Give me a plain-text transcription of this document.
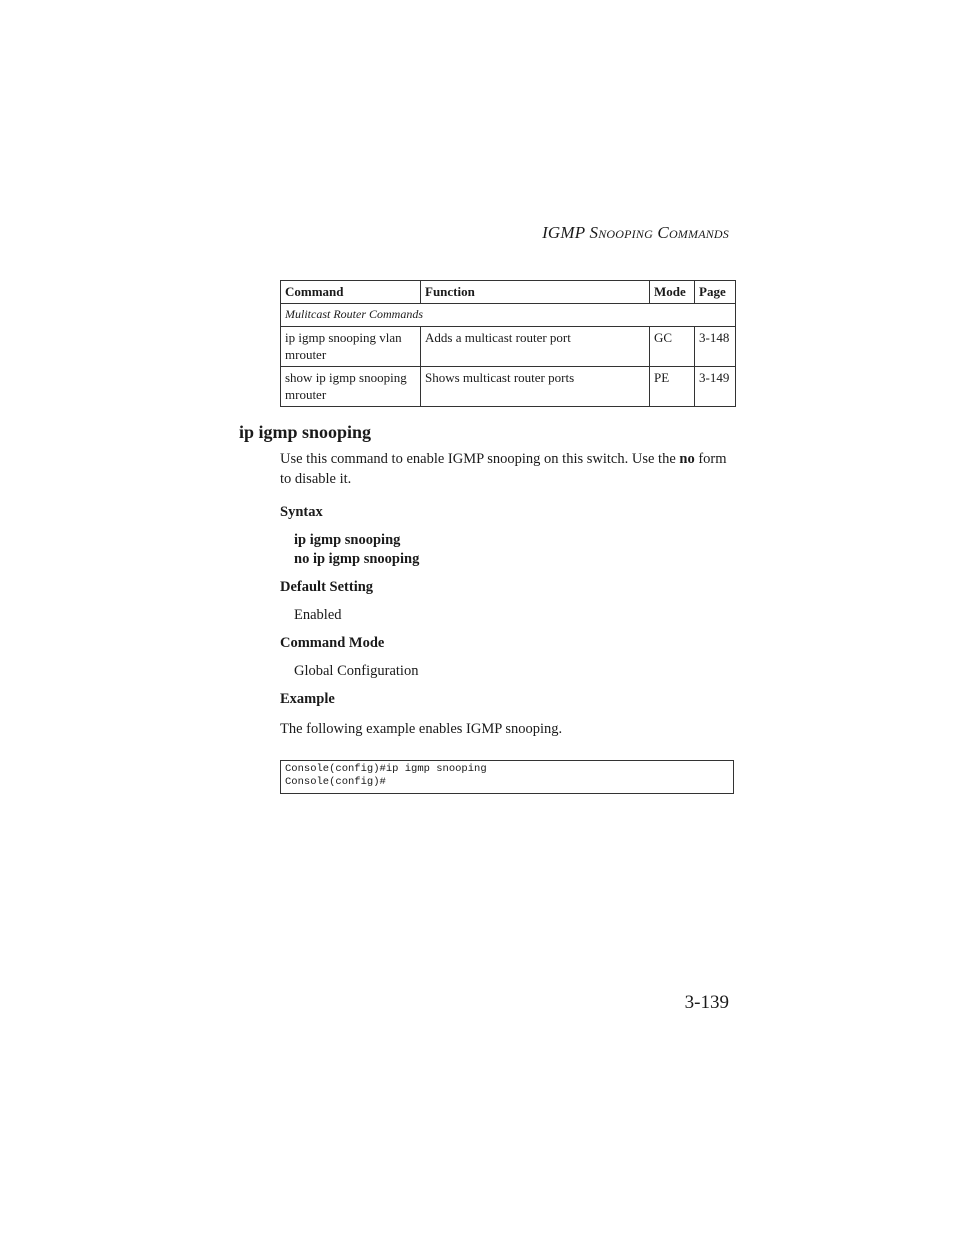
IGMP SNOOPING COMMANDS
Command	Function	Mode	Page
Mulitcast Router Commands			
ip igmp snooping vlan mrouter	Adds a multicast router port	GC	3-148
show ip igmp snooping mrouter	Shows multicast router ports	PE	3-149
ip igmp snooping
Use this command to enable IGMP snooping on this switch. Use the no form to disable it.
Syntax
ip igmp snooping
no ip igmp snooping
Default Setting
Enabled
Command Mode
Global Configuration
Example
The following example enables IGMP snooping.
Console(config)#ip igmp snooping
Console(config)#
3-139
